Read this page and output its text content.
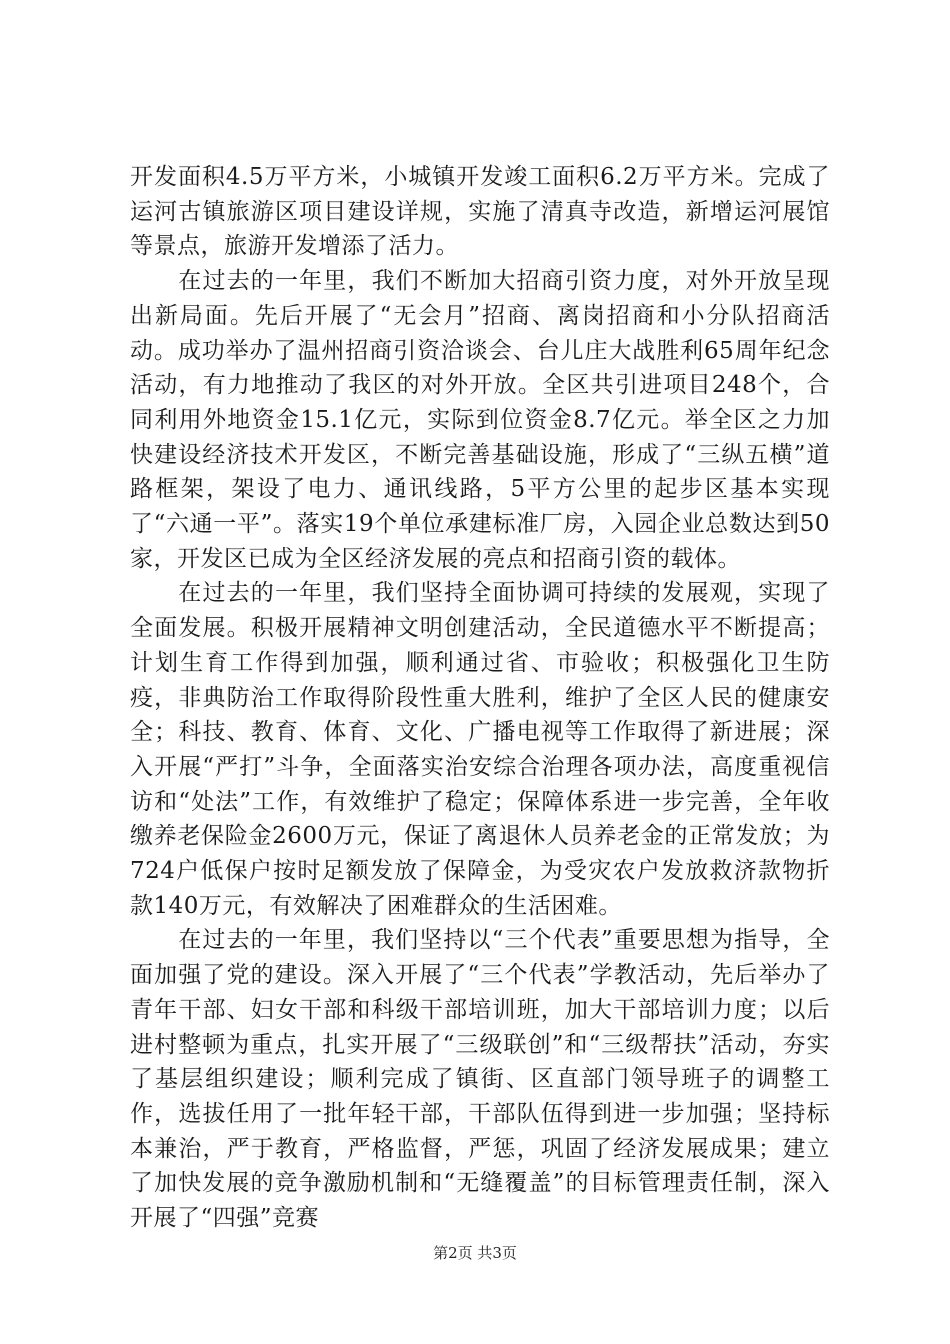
开发面积4.5万平方米，小城镇开发竣工面积6.2万平方米。完成了运河古镇旅游区项目建设详规，实施了清真寺改造，新增运河展馆等景点，旅游开发增添了活力。

在过去的一年里，我们不断加大招商引资力度，对外开放呈现出新局面。先后开展了“无会月”招商、离岗招商和小分队招商活动。成功举办了温州招商引资洽谈会、台儿庄大战胜利65周年纪念活动，有力地推动了我区的对外开放。全区共引进项目248个，合同利用外地资金15.1亿元，实际到位资金8.7亿元。举全区之力加快建设经济技术开发区，不断完善基础设施，形成了“三纵五横”道路框架，架设了电力、通讯线路，5平方公里的起步区基本实现了“六通一平”。落实19个单位承建标准厂房，入园企业总数达到50家，开发区已成为全区经济发展的亮点和招商引资的载体。

在过去的一年里，我们坚持全面协调可持续的发展观，实现了全面发展。积极开展精神文明创建活动，全民道德水平不断提高；计划生育工作得到加强，顺利通过省、市验收；积极强化卫生防疫，非典防治工作取得阶段性重大胜利，维护了全区人民的健康安全；科技、教育、体育、文化、广播电视等工作取得了新进展；深入开展“严打”斗争，全面落实治安综合治理各项办法，高度重视信访和“处法”工作，有效维护了稳定；保障体系进一步完善，全年收缴养老保险金2600万元，保证了离退休人员养老金的正常发放；为724户低保户按时足额发放了保障金，为受灾农户发放救济款物折款140万元，有效解决了困难群众的生活困难。

在过去的一年里，我们坚持以“三个代表”重要思想为指导，全面加强了党的建设。深入开展了“三个代表”学教活动，先后举办了青年干部、妇女干部和科级干部培训班，加大干部培训力度；以后进村整顿为重点，扎实开展了“三级联创”和“三级帮扶”活动，夯实了基层组织建设；顺利完成了镇街、区直部门领导班子的调整工作，选拔任用了一批年轻干部，干部队伍得到进一步加强；坚持标本兼治，严于教育，严格监督，严惩，巩固了经济发展成果；建立了加快发展的竞争激励机制和“无缝覆盖”的目标管理责任制，深入开展了“四强”竞赛

第2页 共3页
